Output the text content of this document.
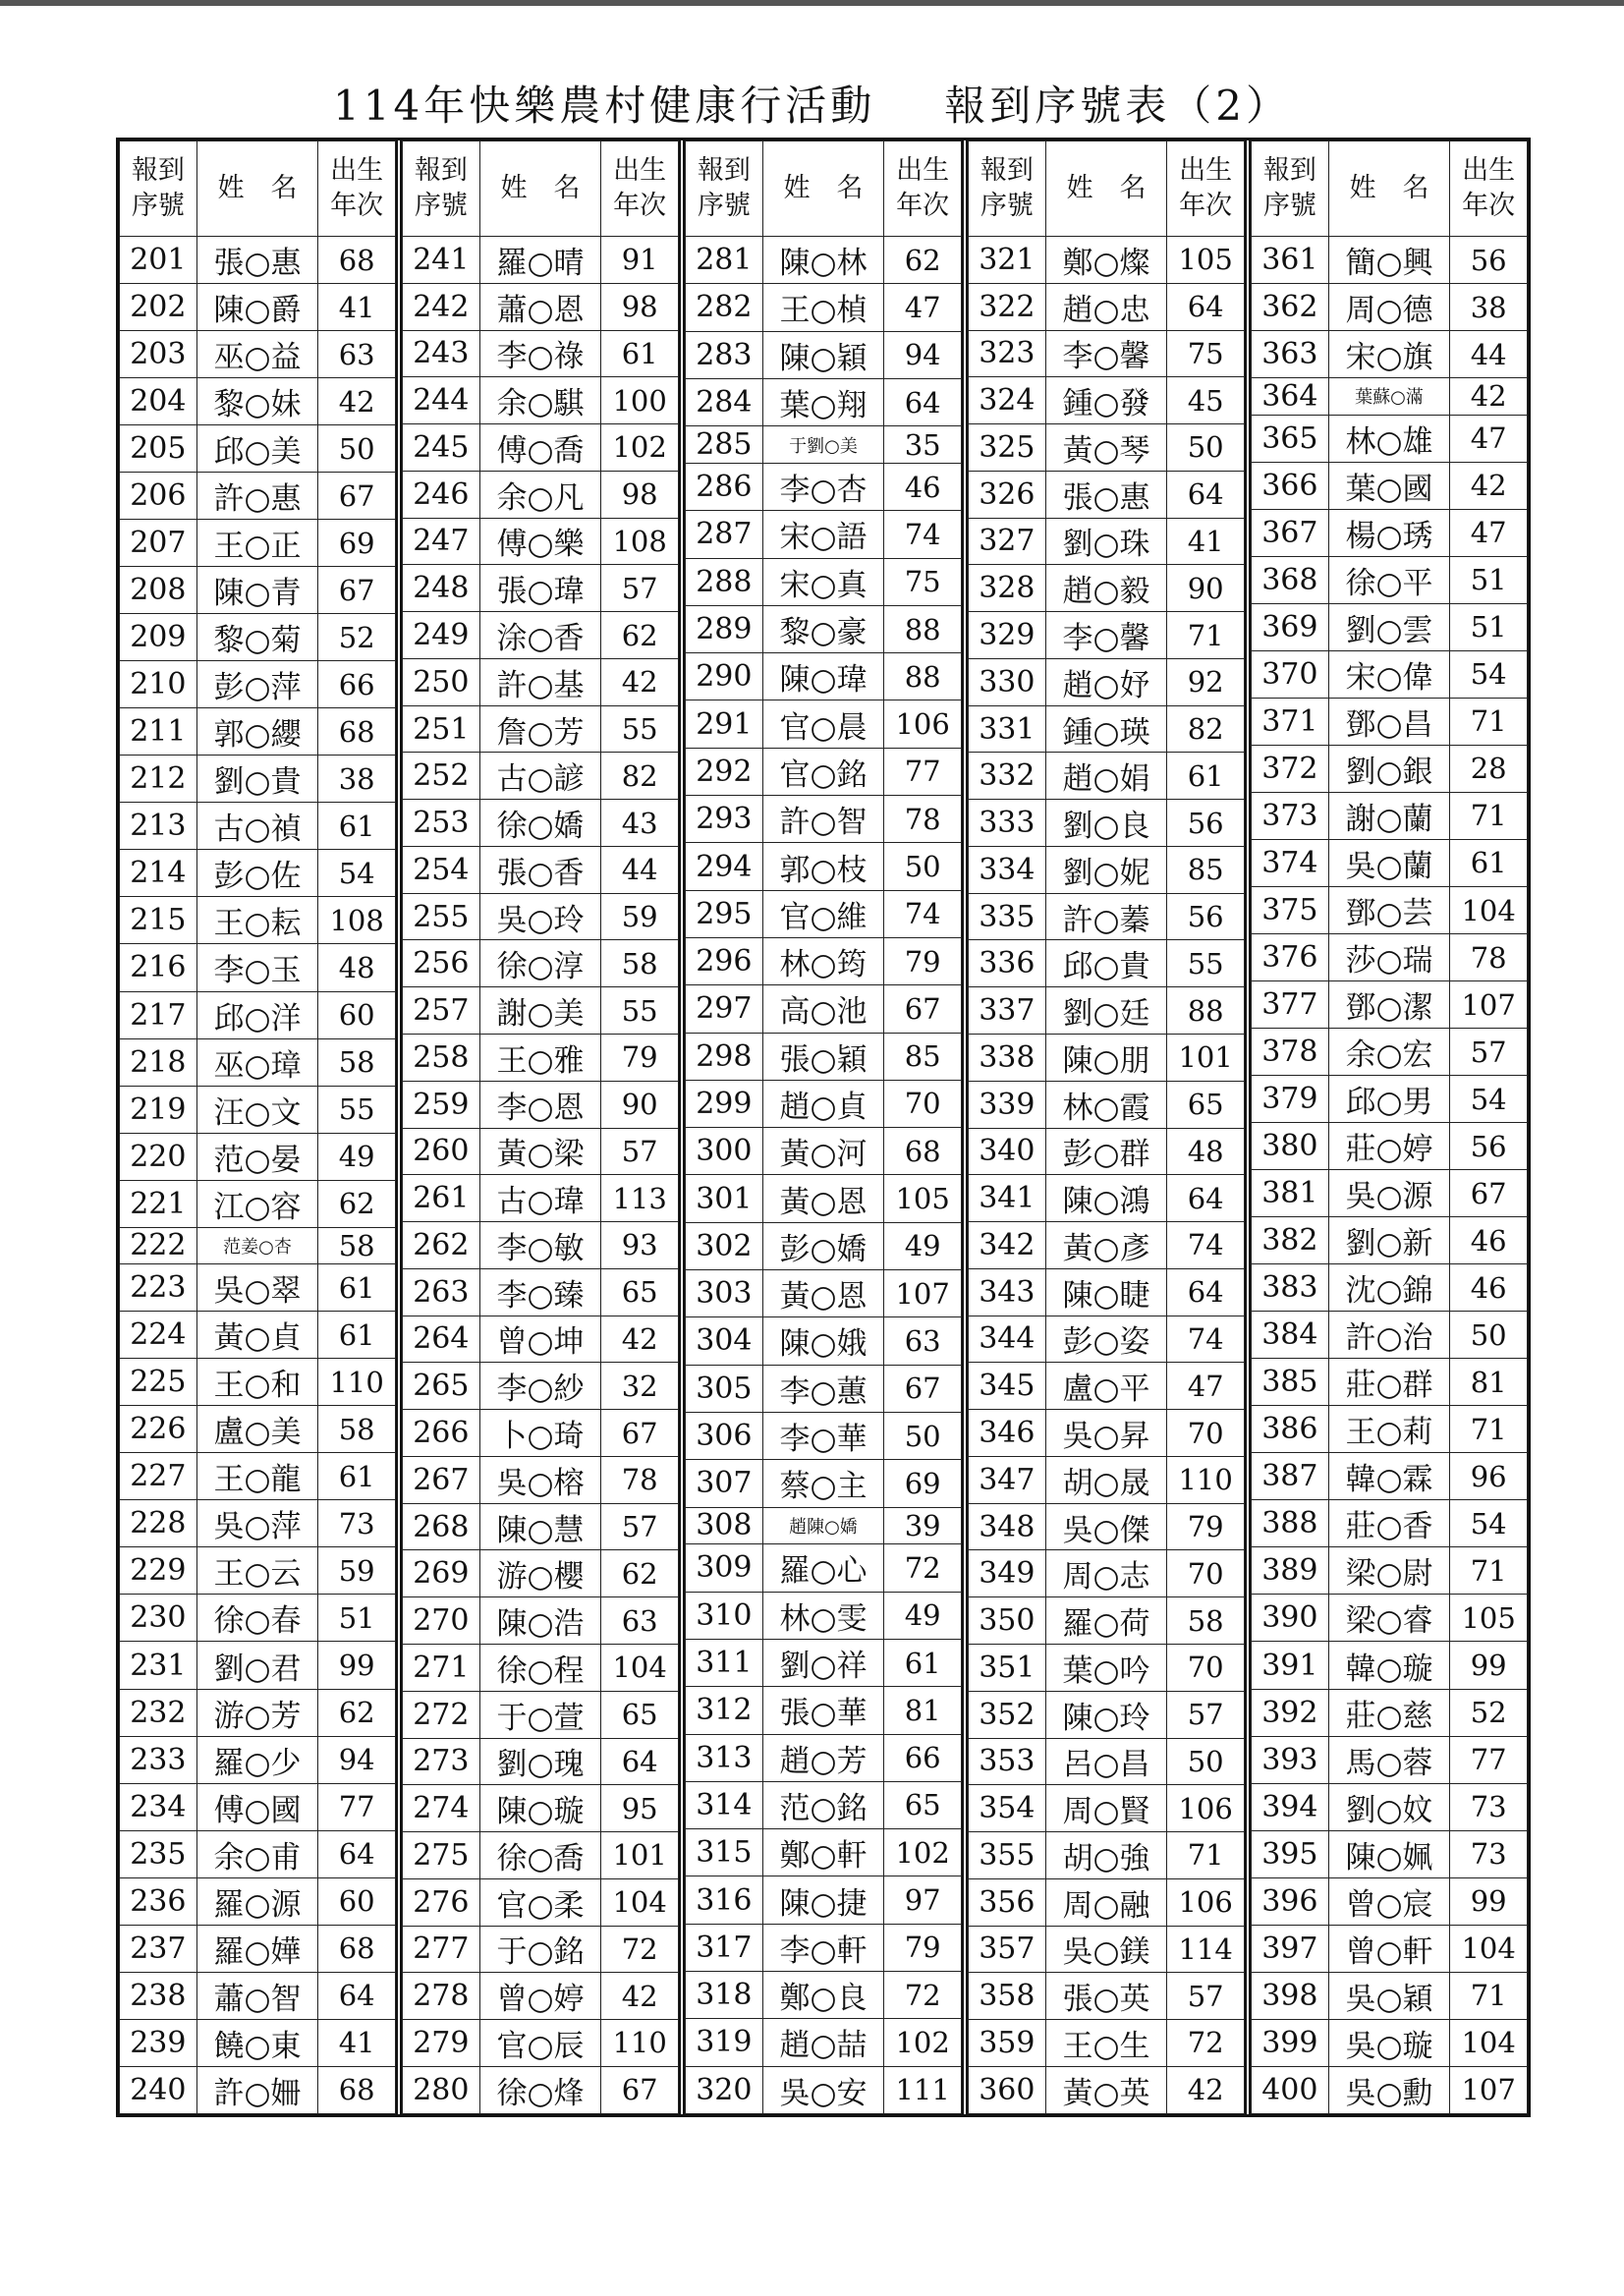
114年快樂農村健康行活動 報到序號表（2）
報到
序號	姓　名	出生
年次
201	張○惠	68
202	陳○爵	41
203	巫○益	63
204	黎○妹	42
205	邱○美	50
206	許○惠	67
207	王○正	69
208	陳○青	67
209	黎○菊	52
210	彭○萍	66
211	郭○纓	68
212	劉○貴	38
213	古○禎	61
214	彭○佐	54
215	王○耘	108
216	李○玉	48
217	邱○洋	60
218	巫○璋	58
219	汪○文	55
220	范○晏	49
221	江○容	62
222	范姜○杏	58
223	吳○翠	61
224	黃○貞	61
225	王○和	110
226	盧○美	58
227	王○龍	61
228	吳○萍	73
229	王○云	59
230	徐○春	51
231	劉○君	99
232	游○芳	62
233	羅○少	94
234	傅○國	77
235	余○甫	64
236	羅○源	60
237	羅○嬅	68
238	蕭○智	64
239	饒○東	41
240	許○姍	68
報到
序號	姓　名	出生
年次
241	羅○晴	91
242	蕭○恩	98
243	李○祿	61
244	余○騏	100
245	傅○喬	102
246	余○凡	98
247	傅○樂	108
248	張○瑋	57
249	涂○香	62
250	許○基	42
251	詹○芳	55
252	古○諺	82
253	徐○嬌	43
254	張○香	44
255	吳○玲	59
256	徐○淳	58
257	謝○美	55
258	王○雅	79
259	李○恩	90
260	黃○梁	57
261	古○瑋	113
262	李○敏	93
263	李○臻	65
264	曾○坤	42
265	李○紗	32
266	卜○琦	67
267	吳○榕	78
268	陳○慧	57
269	游○櫻	62
270	陳○浩	63
271	徐○程	104
272	于○萱	65
273	劉○瑰	64
274	陳○璇	95
275	徐○喬	101
276	官○柔	104
277	于○銘	72
278	曾○婷	42
279	官○辰	110
280	徐○烽	67
報到
序號	姓　名	出生
年次
281	陳○林	62
282	王○楨	47
283	陳○穎	94
284	葉○翔	64
285	于劉○美	35
286	李○杏	46
287	宋○語	74
288	宋○真	75
289	黎○豪	88
290	陳○瑋	88
291	官○晨	106
292	官○銘	77
293	許○智	78
294	郭○枝	50
295	官○維	74
296	林○筠	79
297	高○池	67
298	張○穎	85
299	趙○貞	70
300	黃○河	68
301	黃○恩	105
302	彭○嬌	49
303	黃○恩	107
304	陳○娥	63
305	李○蕙	67
306	李○華	50
307	蔡○主	69
308	趙陳○嬌	39
309	羅○心	72
310	林○雯	49
311	劉○祥	61
312	張○華	81
313	趙○芳	66
314	范○銘	65
315	鄭○軒	102
316	陳○捷	97
317	李○軒	79
318	鄭○良	72
319	趙○喆	102
320	吳○安	111
報到
序號	姓　名	出生
年次
321	鄭○燦	105
322	趙○忠	64
323	李○馨	75
324	鍾○發	45
325	黃○琴	50
326	張○惠	64
327	劉○珠	41
328	趙○毅	90
329	李○馨	71
330	趙○妤	92
331	鍾○瑛	82
332	趙○娟	61
333	劉○良	56
334	劉○妮	85
335	許○蓁	56
336	邱○貴	55
337	劉○廷	88
338	陳○朋	101
339	林○霞	65
340	彭○群	48
341	陳○鴻	64
342	黃○彥	74
343	陳○睫	64
344	彭○姿	74
345	盧○平	47
346	吳○昇	70
347	胡○晟	110
348	吳○傑	79
349	周○志	70
350	羅○荷	58
351	葉○吟	70
352	陳○玲	57
353	呂○昌	50
354	周○賢	106
355	胡○強	71
356	周○融	106
357	吳○鎂	114
358	張○英	57
359	王○生	72
360	黃○英	42
報到
序號	姓　名	出生
年次
361	簡○興	56
362	周○德	38
363	宋○旗	44
364	葉蘇○滿	42
365	林○雄	47
366	葉○國	42
367	楊○琇	47
368	徐○平	51
369	劉○雲	51
370	宋○偉	54
371	鄧○昌	71
372	劉○銀	28
373	謝○蘭	71
374	吳○蘭	61
375	鄧○芸	104
376	莎○瑞	78
377	鄧○潔	107
378	余○宏	57
379	邱○男	54
380	莊○婷	56
381	吳○源	67
382	劉○新	46
383	沈○錦	46
384	許○治	50
385	莊○群	81
386	王○莉	71
387	韓○霖	96
388	莊○香	54
389	梁○尉	71
390	梁○睿	105
391	韓○璇	99
392	莊○慈	52
393	馬○蓉	77
394	劉○妏	73
395	陳○姵	73
396	曾○宸	99
397	曾○軒	104
398	吳○穎	71
399	吳○璇	104
400	吳○勳	107
